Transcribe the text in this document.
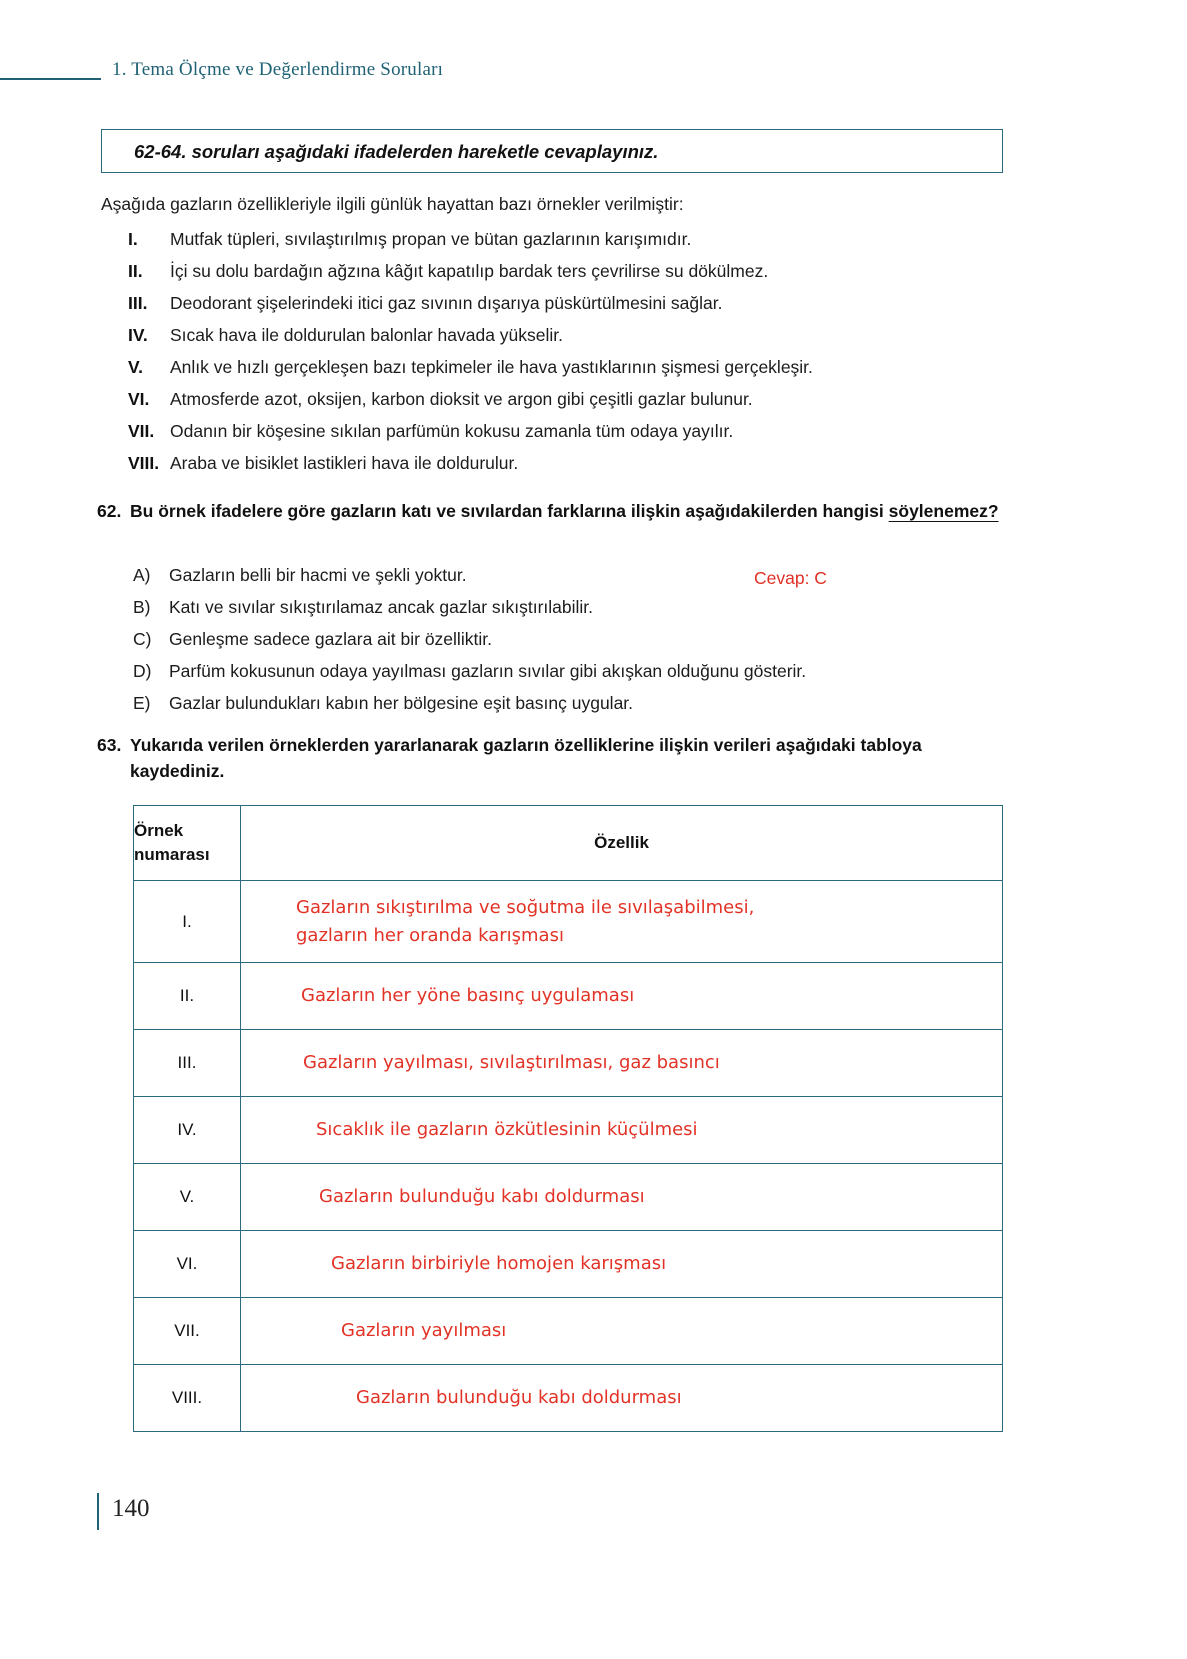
1. Tema Ölçme ve Değerlendirme Soruları
62-64. soruları aşağıdaki ifadelerden hareketle cevaplayınız.
Aşağıda gazların özellikleriyle ilgili günlük hayattan bazı örnekler verilmiştir:
I.	Mutfak tüpleri, sıvılaştırılmış propan ve bütan gazlarının karışımıdır.
II.	İçi su dolu bardağın ağzına kâğıt kapatılıp bardak ters çevrilirse su dökülmez.
III.	Deodorant şişelerindeki itici gaz sıvının dışarıya püskürtülmesini sağlar.
IV.	Sıcak hava ile doldurulan balonlar havada yükselir.
V.	Anlık ve hızlı gerçekleşen bazı tepkimeler ile hava yastıklarının şişmesi gerçekleşir.
VI.	Atmosferde azot, oksijen, karbon dioksit ve argon gibi çeşitli gazlar bulunur.
VII. Odanın bir köşesine sıkılan parfümün kokusu zamanla tüm odaya yayılır.
VIII. Araba ve bisiklet lastikleri hava ile doldurulur.
62. Bu örnek ifadelere göre gazların katı ve sıvılardan farklarına ilişkin aşağıdakilerden hangisi söylenemez?
A)	Gazların belli bir hacmi ve şekli yoktur.
B)	Katı ve sıvılar sıkıştırılamaz ancak gazlar sıkıştırılabilir.
C)	Genleşme sadece gazlara ait bir özelliktir.
D)	Parfüm kokusunun odaya yayılması gazların sıvılar gibi akışkan olduğunu gösterir.
E)	Gazlar bulundukları kabın her bölgesine eşit basınç uygular.
Cevap: C
63. Yukarıda verilen örneklerden yararlanarak gazların özelliklerine ilişkin verileri aşağıdaki tabloya kaydediniz.
Örnek
numarası	Özellik
I.	Gazların sıkıştırılma ve soğutma ile sıvılaşabilmesi,
gazların her oranda karışması

II.	Gazların her yöne basınç uygulaması

III.	Gazların yayılması, sıvılaştırılması, gaz basıncı

IV.	Sıcaklık ile gazların özkütlesinin küçülmesi

V.	Gazların bulunduğu kabı doldurması

VI.	Gazların birbiriyle homojen karışması

VII.	Gazların yayılması

VIII.	Gazların bulunduğu kabı doldurması
140
